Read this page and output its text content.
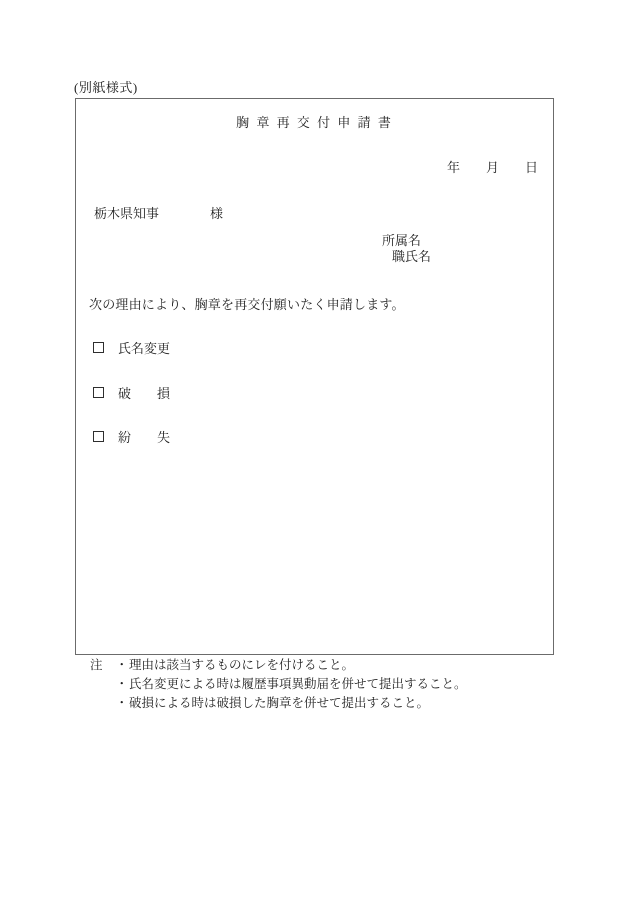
(別紙様式)
胸 章 再 交 付 申 請 書
年 月 日
栃木県知事	様
所属名
職氏名
次の理由により、胸章を再交付願いたく申請します。
氏名変更
破　　損
紛　　失
注 ・理由は該当するものにレを付けること。
・氏名変更による時は履歴事項異動届を併せて提出すること。
・破損による時は破損した胸章を併せて提出すること。
